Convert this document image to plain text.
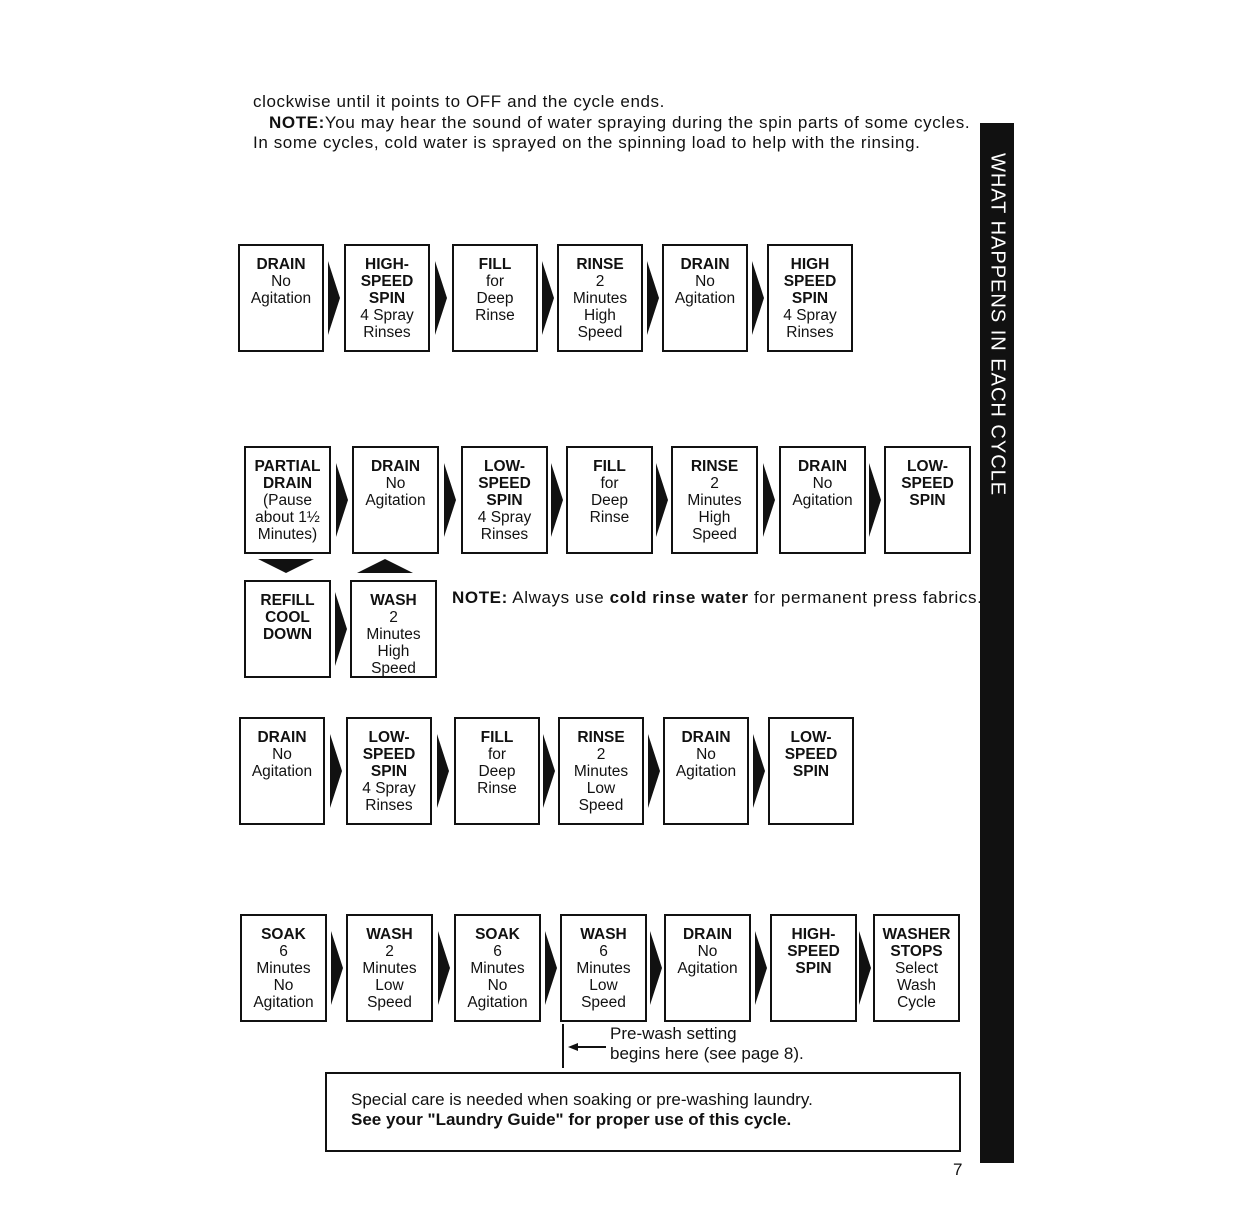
clockwise until it points to OFF and the cycle ends.

NOTE:You may hear the sound of water spraying during the spin parts of some cycles. In some cycles, cold water is sprayed on the spinning load to help with the rinsing.

WHAT HAPPENS IN EACH CYCLE
DRAIN
No
Agitation
HIGH-
SPEED
SPIN
4 Spray
Rinses
FILL
for
Deep
Rinse
RINSE
2
Minutes
High
Speed
DRAIN
No
Agitation
HIGH
SPEED
SPIN
4 Spray
Rinses
PARTIAL
DRAIN
(Pause
about 1½
Minutes)
DRAIN
No
Agitation
LOW-
SPEED
SPIN
4 Spray
Rinses
FILL
for
Deep
Rinse
RINSE
2
Minutes
High
Speed
DRAIN
No
Agitation
LOW-
SPEED
SPIN
REFILL
COOL
DOWN
WASH
2
Minutes
High
Speed
DRAIN
No
Agitation
LOW-
SPEED
SPIN
4 Spray
Rinses
FILL
for
Deep
Rinse
RINSE
2
Minutes
Low
Speed
DRAIN
No
Agitation
LOW-
SPEED
SPIN
SOAK
6
Minutes
No
Agitation
WASH
2
Minutes
Low
Speed
SOAK
6
Minutes
No
Agitation
WASH
6
Minutes
Low
Speed
DRAIN
No
Agitation
HIGH-
SPEED
SPIN
WASHER
STOPS
Select
Wash
Cycle
NOTE: Always use cold rinse water for permanent press fabrics.
Pre-wash setting
begins here (see page 8).
Special care is needed when soaking or pre-washing laundry.
See your "Laundry Guide" for proper use of this cycle.
7
